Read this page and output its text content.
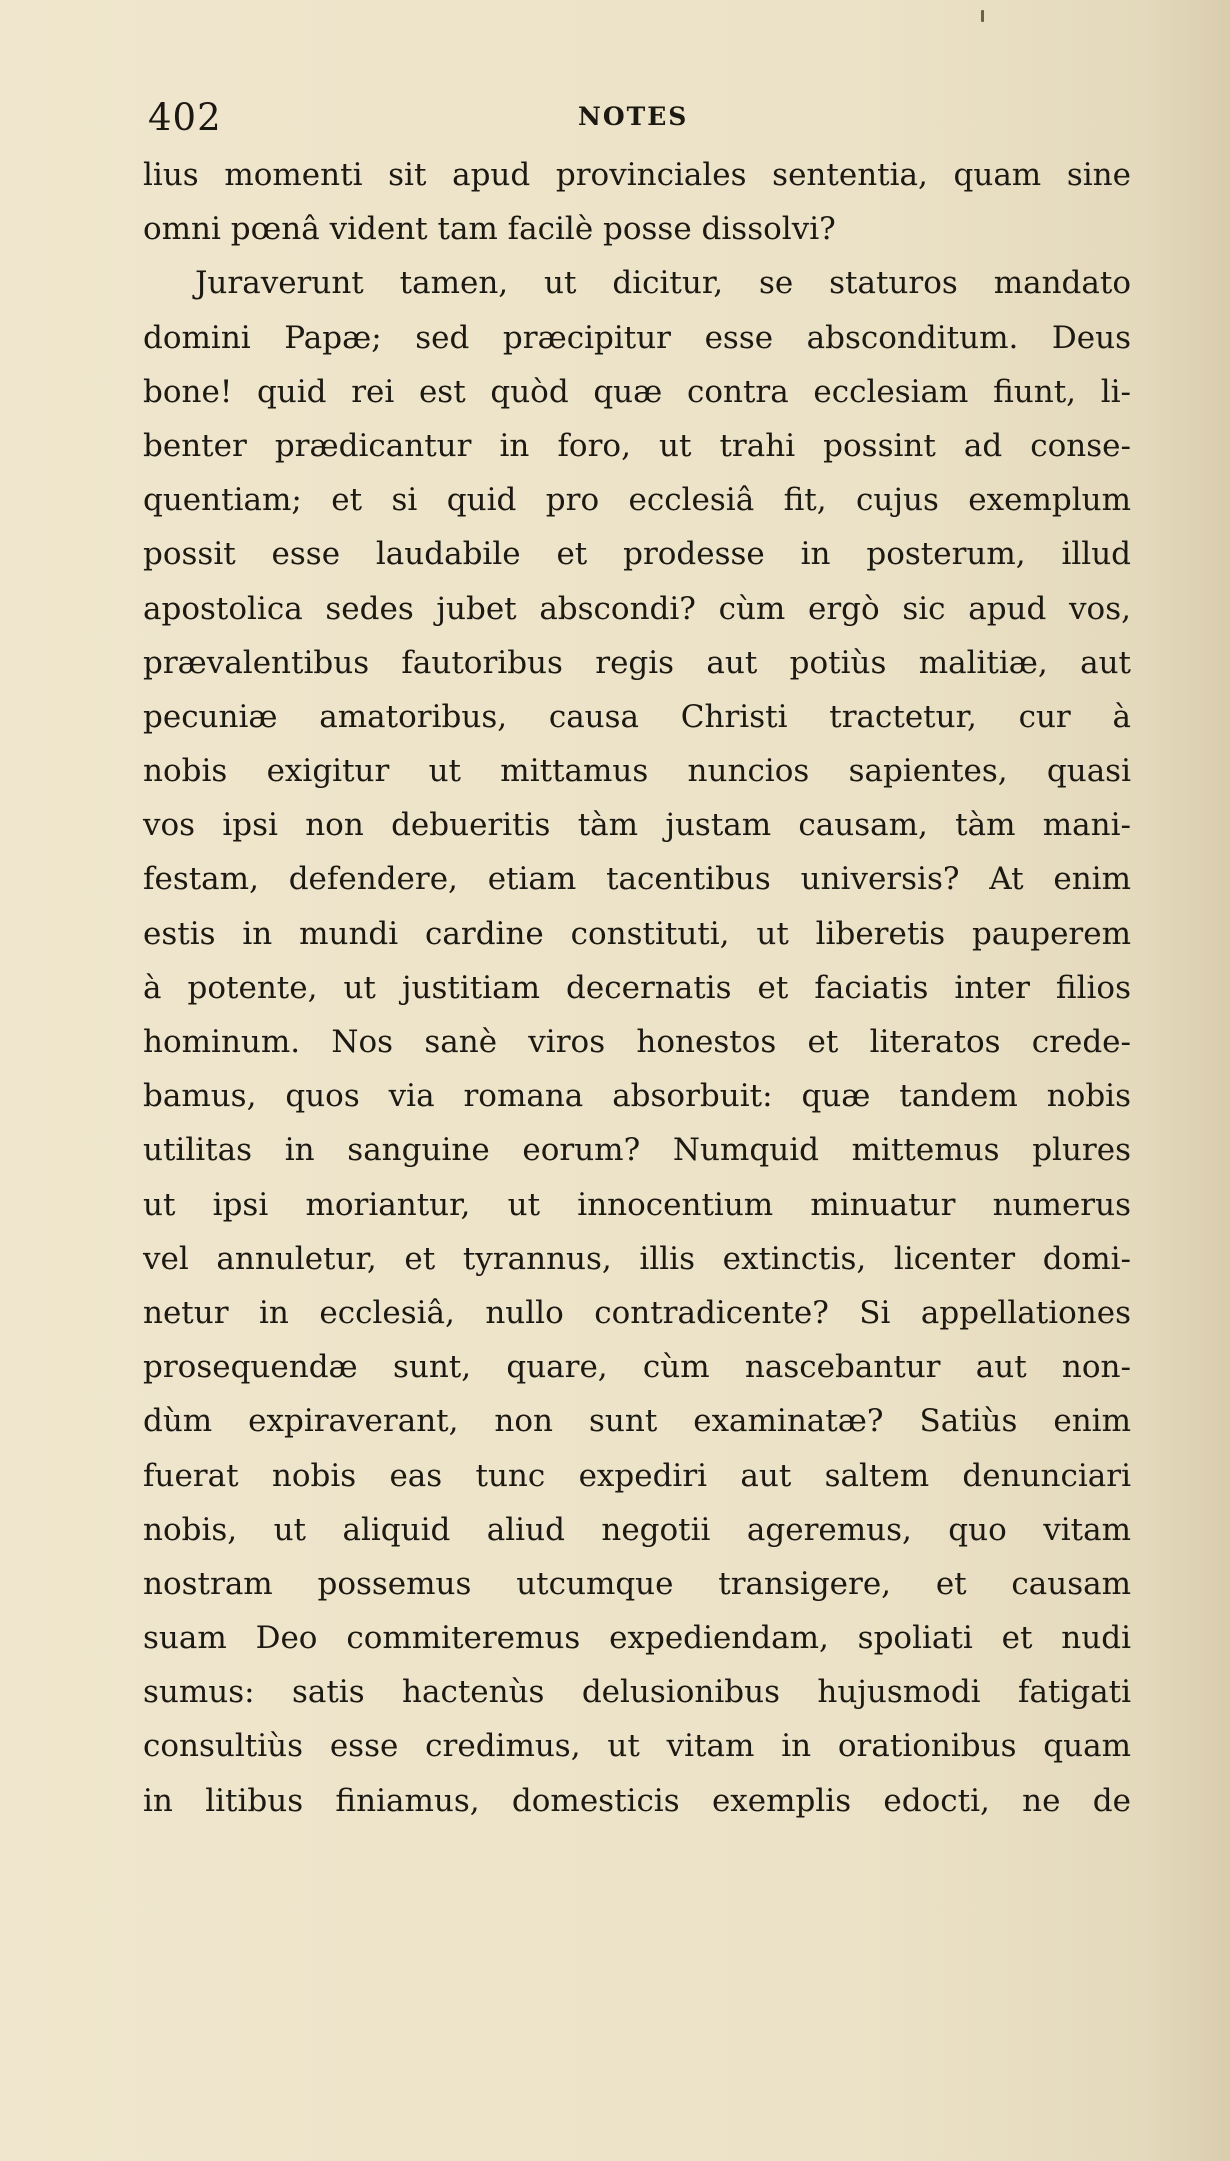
402	NOTES
lius momenti sit apud provinciales sententia, quam sine
omni pœnâ vident tam facilè posse dissolvi?
Juraverunt tamen, ut dicitur, se staturos mandato
domini Papæ; sed præcipitur esse absconditum. Deus
bone! quid rei est quòd quæ contra ecclesiam fiunt, li-
benter prædicantur in foro, ut trahi possint ad conse-
quentiam; et si quid pro ecclesiâ fit, cujus exemplum
possit esse laudabile et prodesse in posterum, illud
apostolica sedes jubet abscondi? cùm ergò sic apud vos,
prævalentibus fautoribus regis aut potiùs malitiæ, aut
pecuniæ amatoribus, causa Christi tractetur, cur à
nobis exigitur ut mittamus nuncios sapientes, quasi
vos ipsi non debueritis tàm justam causam, tàm mani-
festam, defendere, etiam tacentibus universis? At enim
estis in mundi cardine constituti, ut liberetis pauperem
à potente, ut justitiam decernatis et faciatis inter filios
hominum. Nos sanè viros honestos et literatos crede-
bamus, quos via romana absorbuit: quæ tandem nobis
utilitas in sanguine eorum? Numquid mittemus plures
ut ipsi moriantur, ut innocentium minuatur numerus
vel annuletur, et tyrannus, illis extinctis, licenter domi-
netur in ecclesiâ, nullo contradicente? Si appellationes
prosequendæ sunt, quare, cùm nascebantur aut non-
dùm expiraverant, non sunt examinatæ? Satiùs enim
fuerat nobis eas tunc expediri aut saltem denunciari
nobis, ut aliquid aliud negotii ageremus, quo vitam
nostram possemus utcumque transigere, et causam
suam Deo commiteremus expediendam, spoliati et nudi
sumus: satis hactenùs delusionibus hujusmodi fatigati
consultiùs esse credimus, ut vitam in orationibus quam
in litibus finiamus, domesticis exemplis edocti, ne de
